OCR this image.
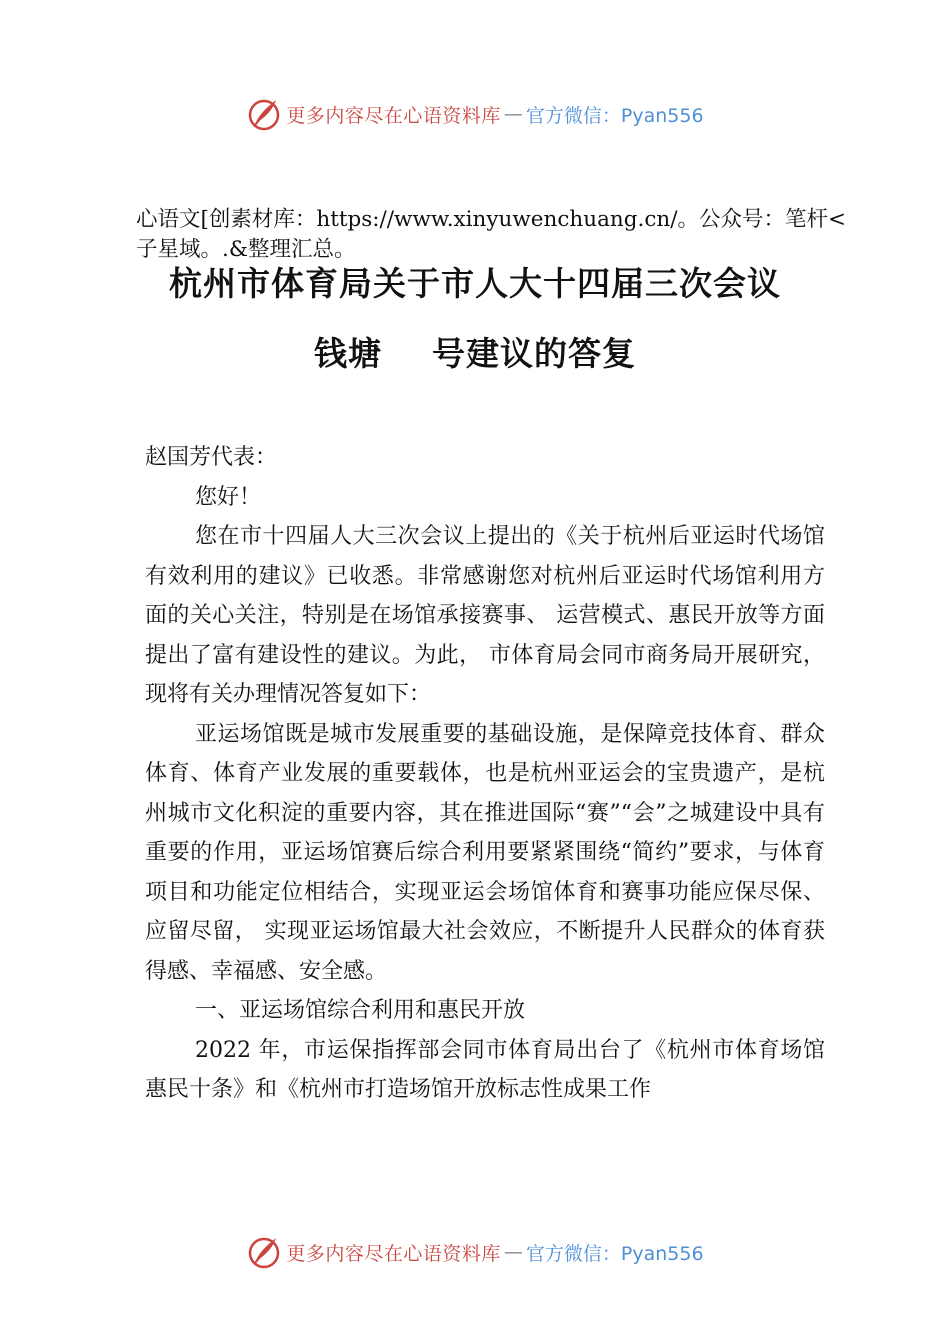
更多内容尽在心语资料库 — 官方微信：Pyan556
心语文[创素材库：https://www.xinyuwenchuang.cn/。公众号：笔杆<子星域。.&整理汇总。
杭州市体育局关于市人大十四届三次会议
钱塘 号建议的答复

赵国芳代表：

您好！

您在市十四届人大三次会议上提出的《关于杭州后亚运时代场馆有效利用的建议》已收悉。非常感谢您对杭州后亚运时代场馆利用方面的关心关注，特别是在场馆承接赛事、 运营模式、惠民开放等方面提出了富有建设性的建议。为此， 市体育局会同市商务局开展研究，现将有关办理情况答复如下：

亚运场馆既是城市发展重要的基础设施，是保障竞技体育、群众体育、体育产业发展的重要载体，也是杭州亚运会的宝贵遗产，是杭州城市文化积淀的重要内容，其在推进国际“赛”“会”之城建设中具有重要的作用，亚运场馆赛后综合利用要紧紧围绕“简约”要求，与体育项目和功能定位相结合，实现亚运会场馆体育和赛事功能应保尽保、应留尽留， 实现亚运场馆最大社会效应，不断提升人民群众的体育获得感、幸福感、安全感。

一、亚运场馆综合利用和惠民开放

2022 年，市运保指挥部会同市体育局出台了《杭州市体育场馆惠民十条》和《杭州市打造场馆开放标志性成果工作

更多内容尽在心语资料库 — 官方微信：Pyan556
